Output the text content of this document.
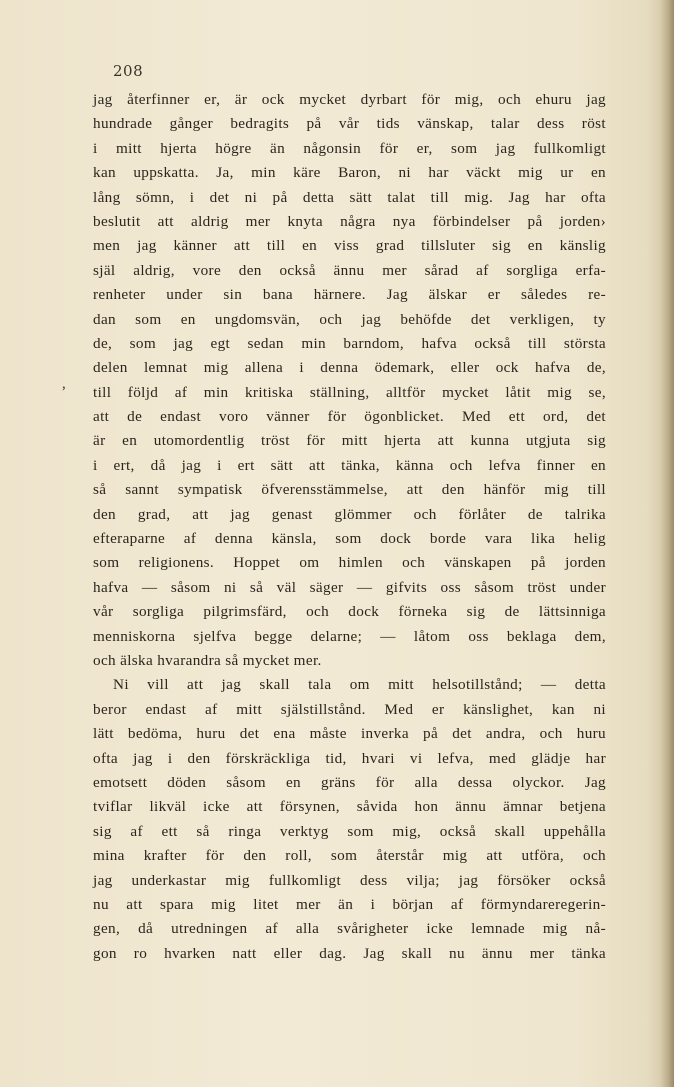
208
,
jag återfinner er, är ock mycket dyrbart för mig, och ehuru jag
hundrade gånger bedragits på vår tids vänskap, talar dess röst
i mitt hjerta högre än någonsin för er, som jag fullkomligt
kan uppskatta. Ja, min käre Baron, ni har väckt mig ur en
lång sömn, i det ni på detta sätt talat till mig. Jag har ofta
beslutit att aldrig mer knyta några nya förbindelser på jorden›
men jag känner att till en viss grad tillsluter sig en känslig
själ aldrig, vore den också ännu mer sårad af sorgliga erfa-
renheter under sin bana härnere. Jag älskar er således re-
dan som en ungdomsvän, och jag behöfde det verkligen, ty
de, som jag egt sedan min barndom, hafva också till största
delen lemnat mig allena i denna ödemark, eller ock hafva de,
till följd af min kritiska ställning, alltför mycket låtit mig se,
att de endast voro vänner för ögonblicket. Med ett ord, det
är en utomordentlig tröst för mitt hjerta att kunna utgjuta sig
i ert, då jag i ert sätt att tänka, känna och lefva finner en
så sannt sympatisk öfverensstämmelse, att den hänför mig till
den grad, att jag genast glömmer och förlåter de talrika
efteraparne af denna känsla, som dock borde vara lika helig
som religionens. Hoppet om himlen och vänskapen på jorden
hafva — såsom ni så väl säger — gifvits oss såsom tröst under
vår sorgliga pilgrimsfärd, och dock förneka sig de lättsinniga
menniskorna sjelfva begge delarne; — låtom oss beklaga dem,
och älska hvarandra så mycket mer.
Ni vill att jag skall tala om mitt helsotillstånd; — detta
beror endast af mitt själstillstånd. Med er känslighet, kan ni
lätt bedöma, huru det ena måste inverka på det andra, och huru
ofta jag i den förskräckliga tid, hvari vi lefva, med glädje har
emotsett döden såsom en gräns för alla dessa olyckor. Jag
tviflar likväl icke att försynen, såvida hon ännu ämnar betjena
sig af ett så ringa verktyg som mig, också skall uppehålla
mina krafter för den roll, som återstår mig att utföra, och
jag underkastar mig fullkomligt dess vilja; jag försöker också
nu att spara mig litet mer än i början af förmyndareregerin-
gen, då utredningen af alla svårigheter icke lemnade mig nå-
gon ro hvarken natt eller dag. Jag skall nu ännu mer tänka
